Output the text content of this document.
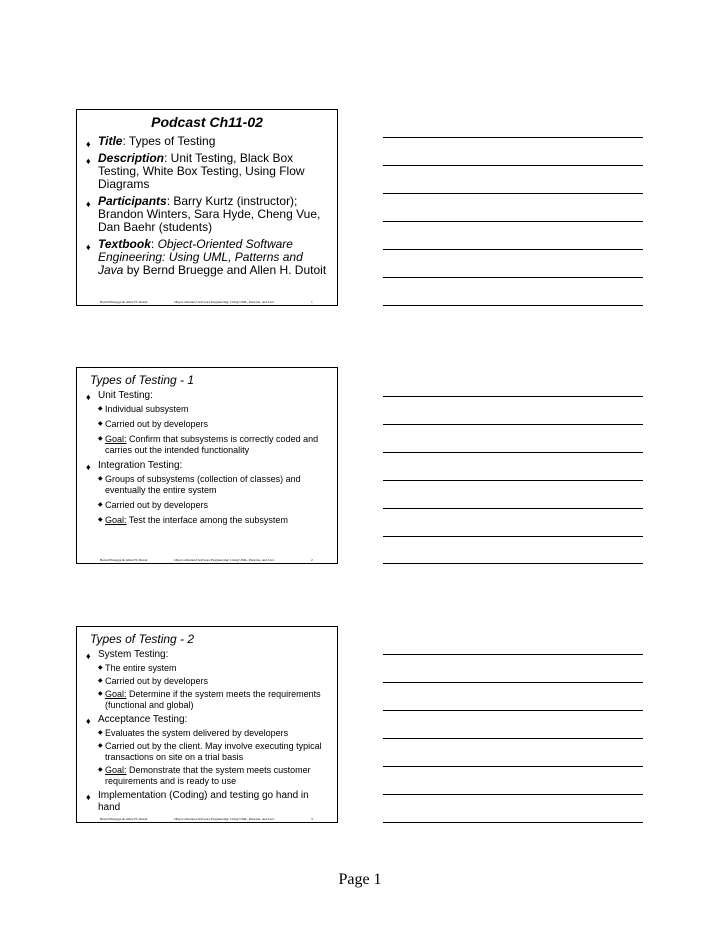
Podcast Ch11-02
♦ Title: Types of Testing
♦ Description: Unit Testing, Black Box Testing, White Box Testing, Using Flow Diagrams
♦ Participants: Barry Kurtz (instructor); Brandon Winters, Sara Hyde, Cheng Vue, Dan Baehr (students)
♦ Textbook: Object-Oriented Software Engineering: Using UML, Patterns and Java by Bernd Bruegge and Allen H. Dutoit
Bernd Bruegge & Allen H. Dutoit	Object-Oriented Software Engineering: Using UML, Patterns, and Java	1
Types of Testing - 1
♦ Unit Testing:
◆ Individual subsystem
◆ Carried out by developers
◆ Goal: Confirm that subsystems is correctly coded and carries out the intended functionality
♦ Integration Testing:
◆ Groups of subsystems (collection of classes) and eventually the entire system
◆ Carried out by developers
◆ Goal: Test the interface among the subsystem
Bernd Bruegge & Allen H. Dutoit	Object-Oriented Software Engineering: Using UML, Patterns, and Java	2
Types of Testing - 2
♦ System Testing:
◆ The entire system
◆ Carried out by developers
◆ Goal: Determine if the system meets the requirements (functional and global)
♦ Acceptance Testing:
◆ Evaluates the system delivered by developers
◆ Carried out by the client. May involve executing typical transactions on site on a trial basis
◆ Goal: Demonstrate that the system meets customer requirements and is ready to use
♦ Implementation (Coding) and testing go hand in hand
Bernd Bruegge & Allen H. Dutoit	Object-Oriented Software Engineering: Using UML, Patterns, and Java	3
Page 1
